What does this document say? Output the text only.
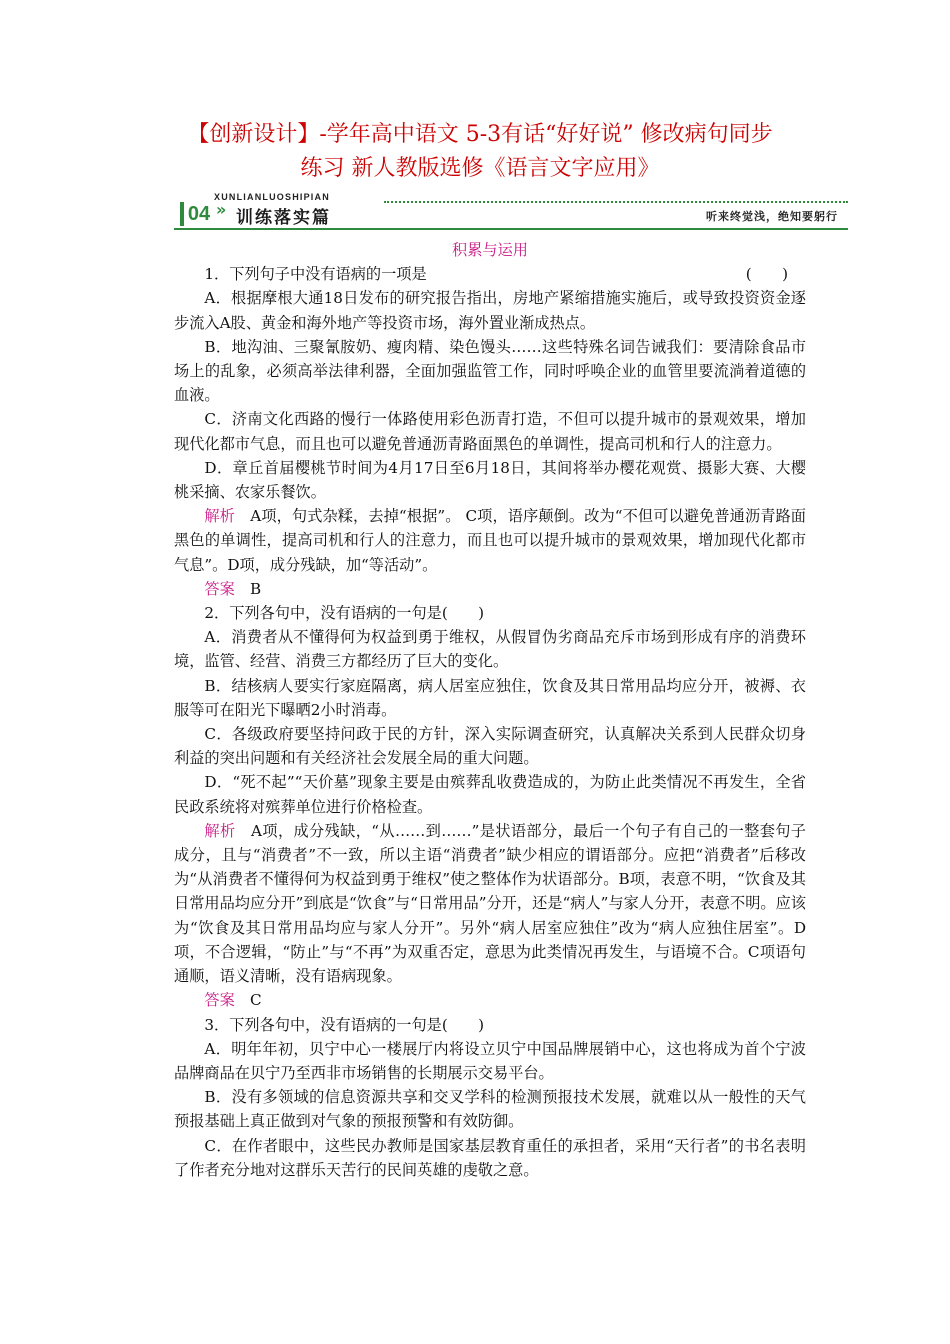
【创新设计】-学年高中语文 5-3有话“好好说” 修改病句同步
练习 新人教版选修《语言文字应用》
XUNLIANLUOSHIPIAN
04 » 训练落实篇	听来终觉浅，绝知要躬行

积累与运用

1．下列句子中没有语病的一项是	(　　)

A．根据摩根大通18日发布的研究报告指出，房地产紧缩措施实施后，或导致投资资金逐步流入A股、黄金和海外地产等投资市场，海外置业渐成热点。

B．地沟油、三聚氰胺奶、瘦肉精、染色馒头……这些特殊名词告诫我们：要清除食品市场上的乱象，必须高举法律利器，全面加强监管工作，同时呼唤企业的血管里要流淌着道德的血液。

C．济南文化西路的慢行一体路使用彩色沥青打造，不但可以提升城市的景观效果，增加现代化都市气息，而且也可以避免普通沥青路面黑色的单调性，提高司机和行人的注意力。

D．章丘首届樱桃节时间为4月17日至6月18日，其间将举办樱花观赏、摄影大赛、大樱桃采摘、农家乐餐饮。

解析　A项，句式杂糅，去掉“根据”。 C项，语序颠倒。改为“不但可以避免普通沥青路面黑色的单调性，提高司机和行人的注意力，而且也可以提升城市的景观效果，增加现代化都市气息”。D项，成分残缺，加“等活动”。

答案　B

2．下列各句中，没有语病的一句是(　　)

A．消费者从不懂得何为权益到勇于维权，从假冒伪劣商品充斥市场到形成有序的消费环境，监管、经营、消费三方都经历了巨大的变化。

B．结核病人要实行家庭隔离，病人居室应独住，饮食及其日常用品均应分开，被褥、衣服等可在阳光下曝晒2小时消毒。

C．各级政府要坚持问政于民的方针，深入实际调查研究，认真解决关系到人民群众切身利益的突出问题和有关经济社会发展全局的重大问题。

D．“死不起”“天价墓”现象主要是由殡葬乱收费造成的，为防止此类情况不再发生，全省民政系统将对殡葬单位进行价格检查。

解析　A项，成分残缺，“从……到……”是状语部分，最后一个句子有自己的一整套句子成分，且与“消费者”不一致，所以主语“消费者”缺少相应的谓语部分。应把“消费者”后移改为“从消费者不懂得何为权益到勇于维权”使之整体作为状语部分。B项，表意不明，“饮食及其日常用品均应分开”到底是“饮食”与“日常用品”分开，还是“病人”与家人分开，表意不明。应该为“饮食及其日常用品均应与家人分开”。另外“病人居室应独住”改为“病人应独住居室”。D项，不合逻辑，“防止”与“不再”为双重否定，意思为此类情况再发生，与语境不合。C项语句通顺，语义清晰，没有语病现象。

答案　C

3．下列各句中，没有语病的一句是(　　)

A．明年年初，贝宁中心一楼展厅内将设立贝宁中国品牌展销中心，这也将成为首个宁波品牌商品在贝宁乃至西非市场销售的长期展示交易平台。

B．没有多领域的信息资源共享和交叉学科的检测预报技术发展，就难以从一般性的天气预报基础上真正做到对气象的预报预警和有效防御。

C．在作者眼中，这些民办教师是国家基层教育重任的承担者，采用“天行者”的书名表明了作者充分地对这群乐天苦行的民间英雄的虔敬之意。
